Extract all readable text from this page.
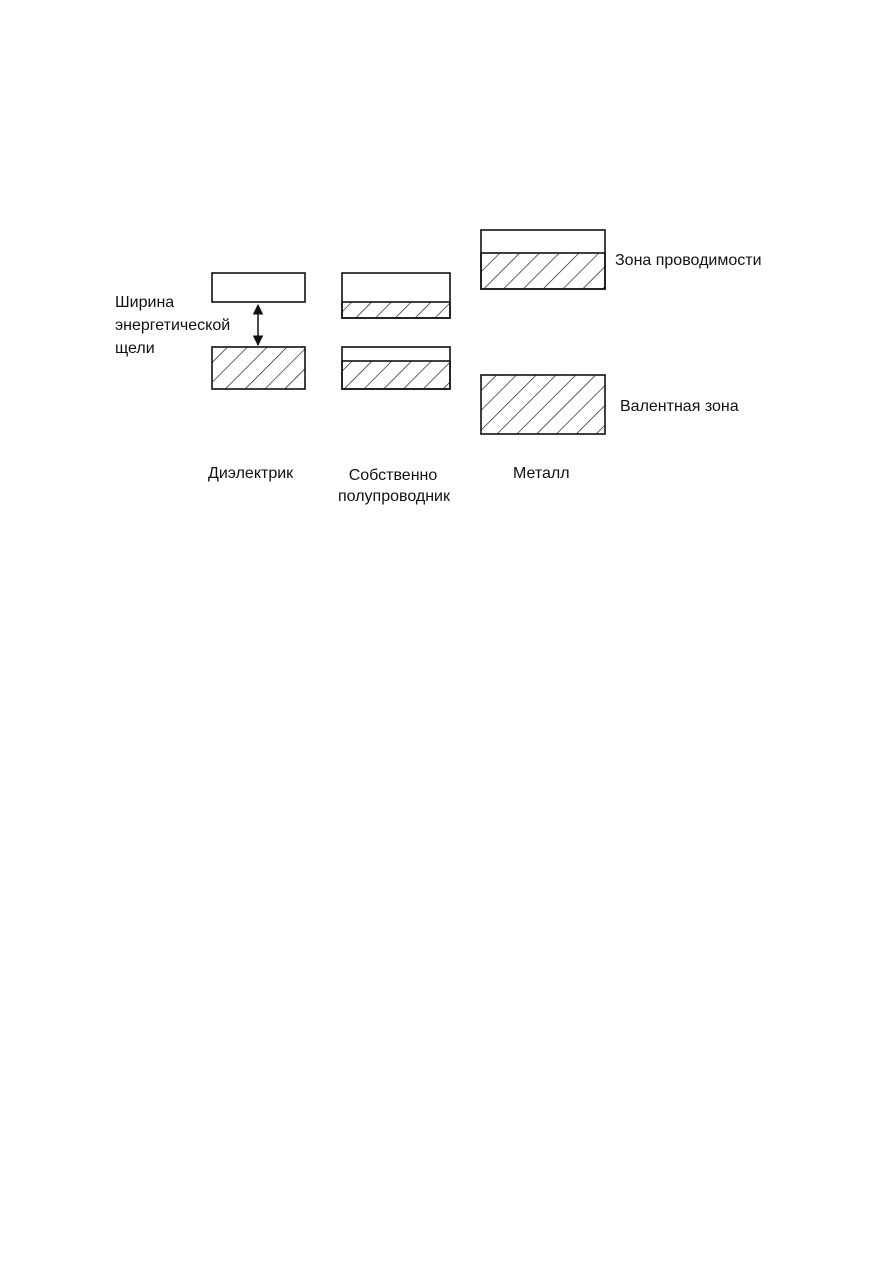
Ширина
энергетической
щели
Зона проводимости
Валентная зона
Диэлектрик	Собственно
полупроводник
Металл
